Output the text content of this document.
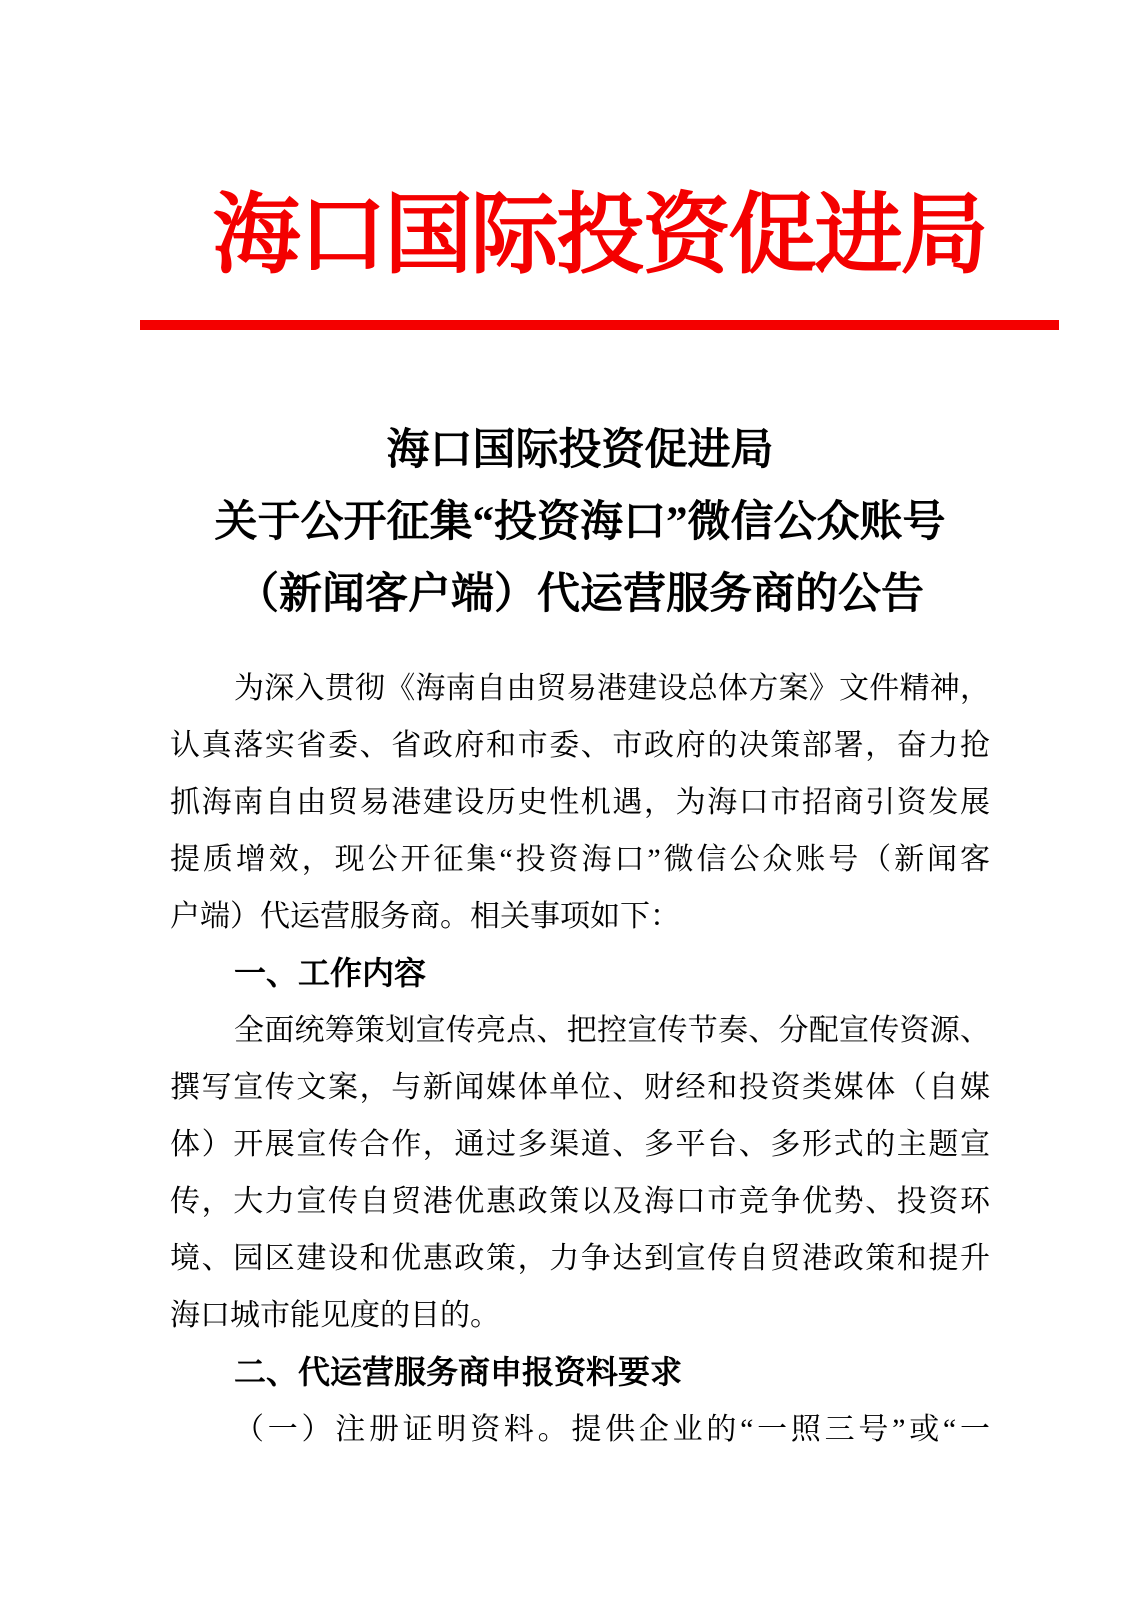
海口国际投资促进局
海口国际投资促进局
关于公开征集“投资海口”微信公众账号
（新闻客户端）代运营服务商的公告
为深入贯彻《海南自由贸易港建设总体方案》文件精神，
认真落实省委、省政府和市委、市政府的决策部署，奋力抢
抓海南自由贸易港建设历史性机遇，为海口市招商引资发展
提质增效，现公开征集“投资海口”微信公众账号（新闻客
户端）代运营服务商。相关事项如下：
一、工作内容
全面统筹策划宣传亮点、把控宣传节奏、分配宣传资源、
撰写宣传文案，与新闻媒体单位、财经和投资类媒体（自媒
体）开展宣传合作，通过多渠道、多平台、多形式的主题宣
传，大力宣传自贸港优惠政策以及海口市竞争优势、投资环
境、园区建设和优惠政策，力争达到宣传自贸港政策和提升
海口城市能见度的目的。
二、代运营服务商申报资料要求
（一）注册证明资料。提供企业的“一照三号”或“一
